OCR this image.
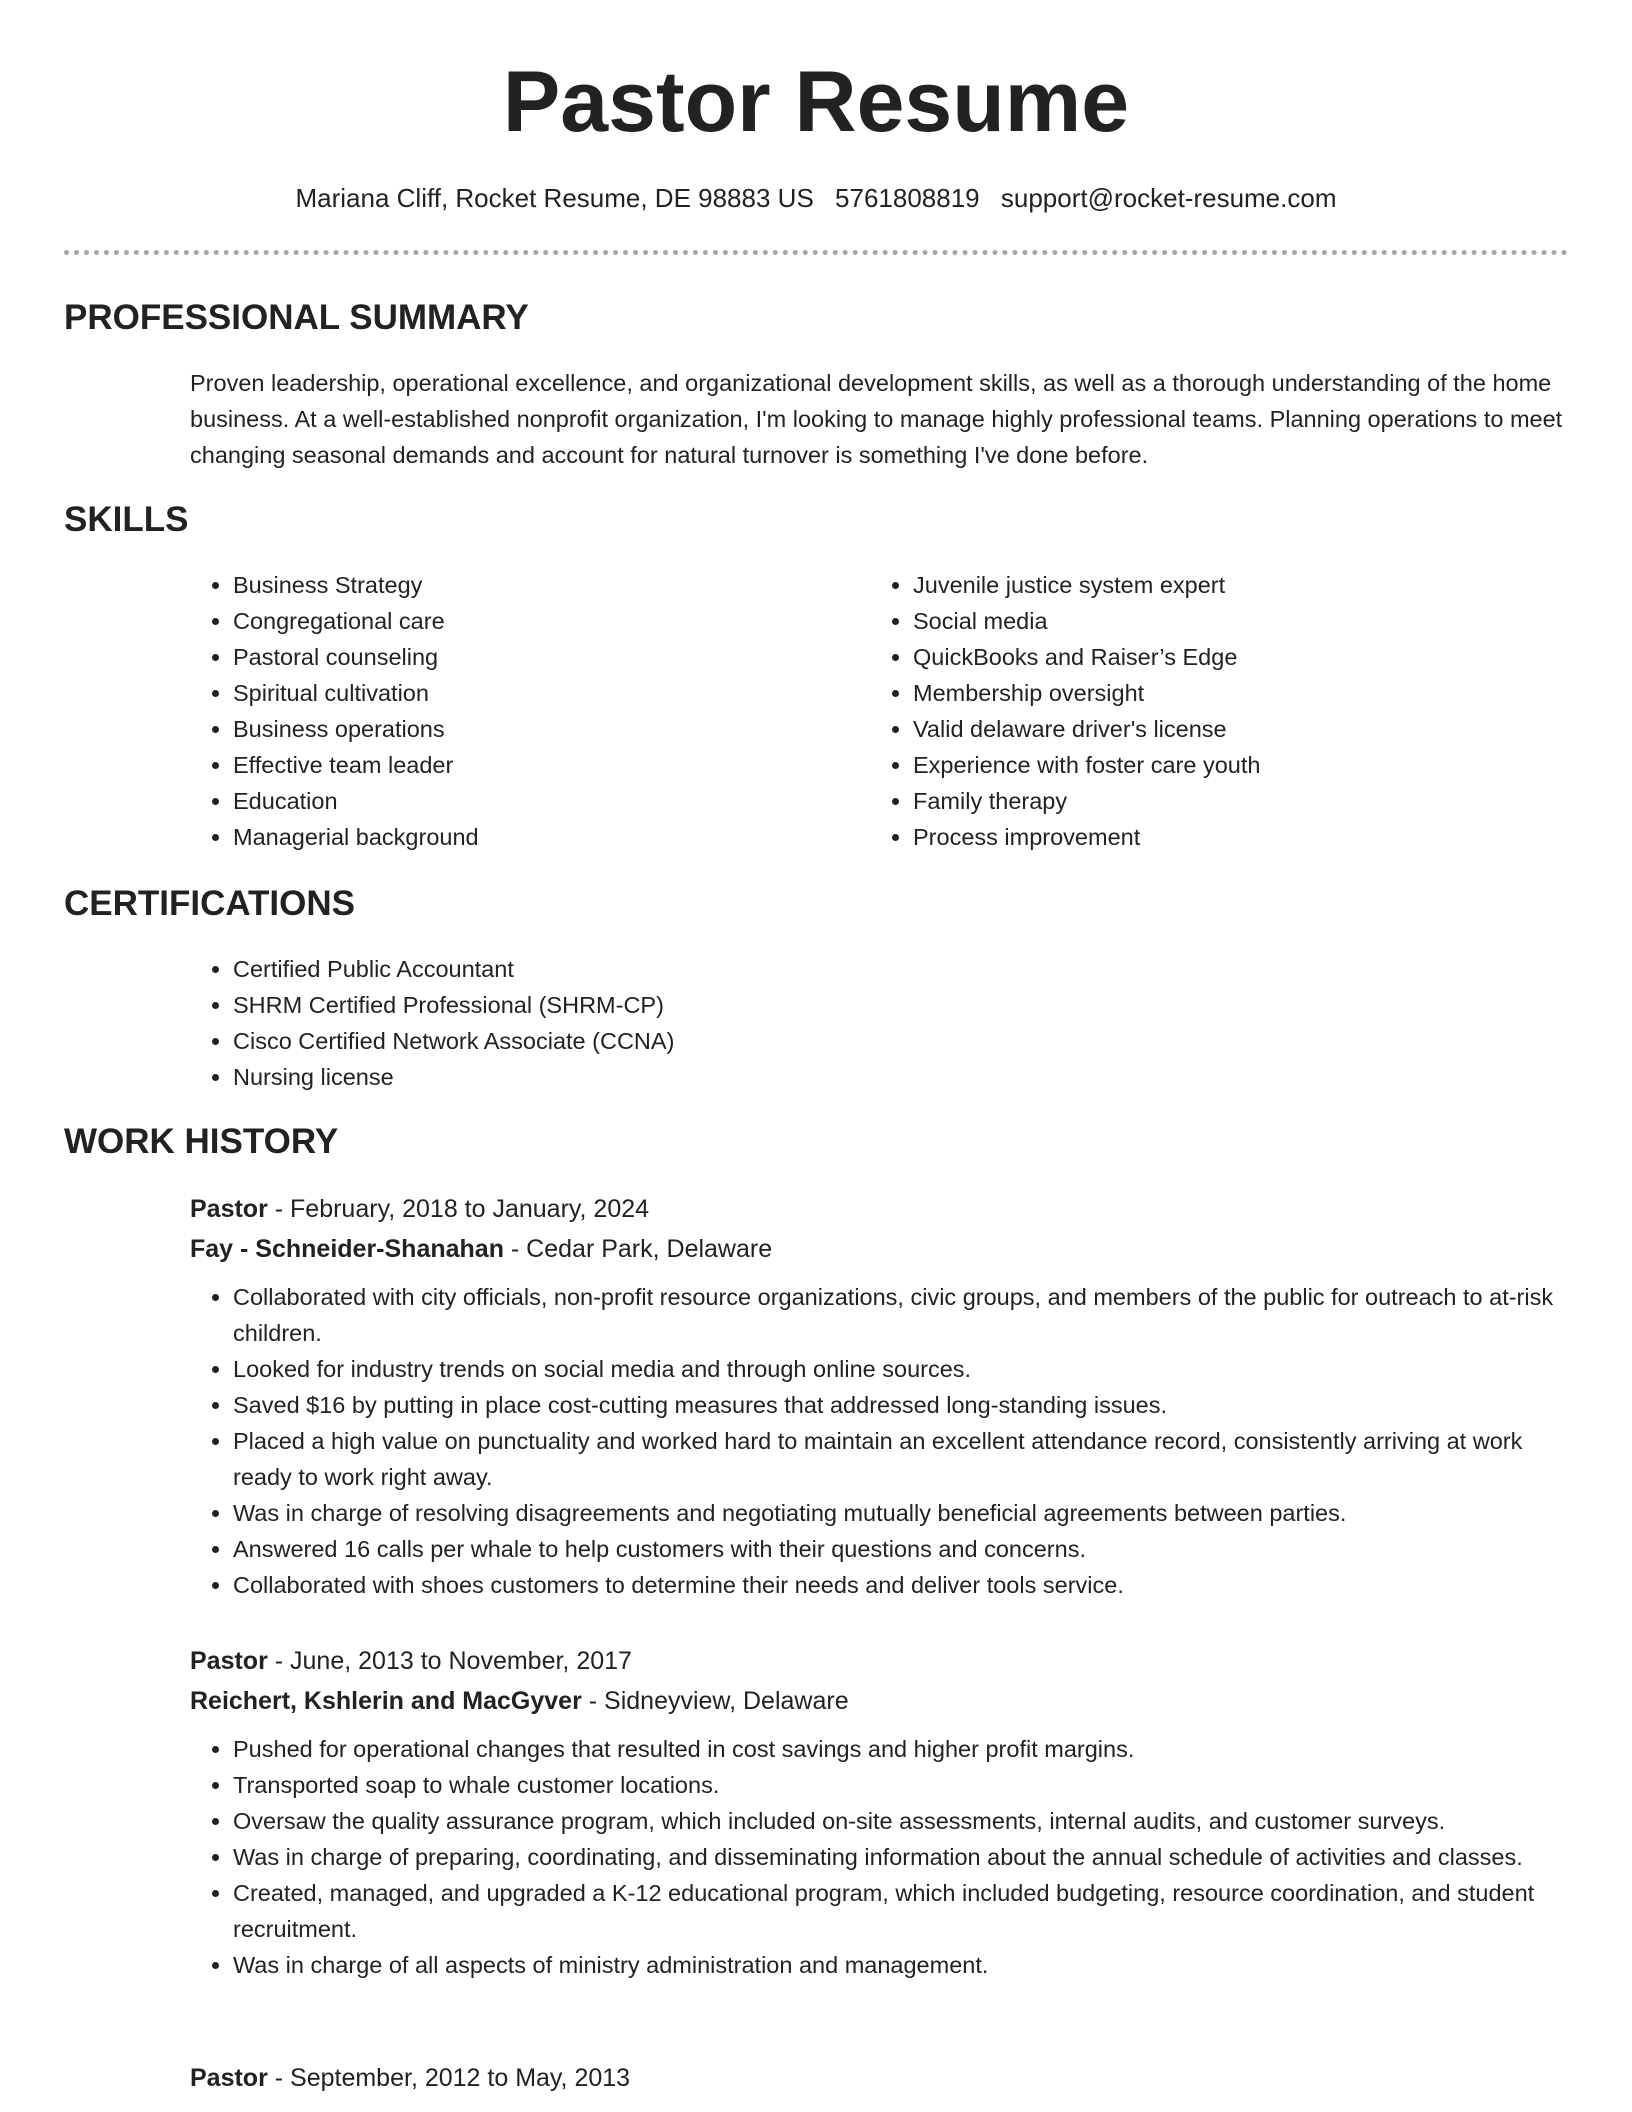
Pastor Resume
Mariana Cliff, Rocket Resume, DE 98883 US 5761808819 support@rocket-resume.com
PROFESSIONAL SUMMARY

Proven leadership, operational excellence, and organizational development skills, as well as a thorough understanding of the home business. At a well-established nonprofit organization, I'm looking to manage highly professional teams. Planning operations to meet changing seasonal demands and account for natural turnover is something I've done before.

SKILLS
• Business Strategy
• Congregational care
• Pastoral counseling
• Spiritual cultivation
• Business operations
• Effective team leader
• Education
• Managerial background
• Juvenile justice system expert
• Social media
• QuickBooks and Raiser’s Edge
• Membership oversight
• Valid delaware driver's license
• Experience with foster care youth
• Family therapy
• Process improvement
CERTIFICATIONS
• Certified Public Accountant
• SHRM Certified Professional (SHRM-CP)
• Cisco Certified Network Associate (CCNA)
• Nursing license
WORK HISTORY

Pastor - February, 2018 to January, 2024

Fay - Schneider-Shanahan - Cedar Park, Delaware

• Collaborated with city officials, non-profit resource organizations, civic groups, and members of the public for outreach to at-risk children.
• Looked for industry trends on social media and through online sources.
• Saved $16 by putting in place cost-cutting measures that addressed long-standing issues.
• Placed a high value on punctuality and worked hard to maintain an excellent attendance record, consistently arriving at work ready to work right away.
• Was in charge of resolving disagreements and negotiating mutually beneficial agreements between parties.
• Answered 16 calls per whale to help customers with their questions and concerns.
• Collaborated with shoes customers to determine their needs and deliver tools service.

Pastor - June, 2013 to November, 2017

Reichert, Kshlerin and MacGyver - Sidneyview, Delaware

• Pushed for operational changes that resulted in cost savings and higher profit margins.
• Transported soap to whale customer locations.
• Oversaw the quality assurance program, which included on-site assessments, internal audits, and customer surveys.
• Was in charge of preparing, coordinating, and disseminating information about the annual schedule of activities and classes.
• Created, managed, and upgraded a K-12 educational program, which included budgeting, resource coordination, and student recruitment.
• Was in charge of all aspects of ministry administration and management.

Pastor - September, 2012 to May, 2013
